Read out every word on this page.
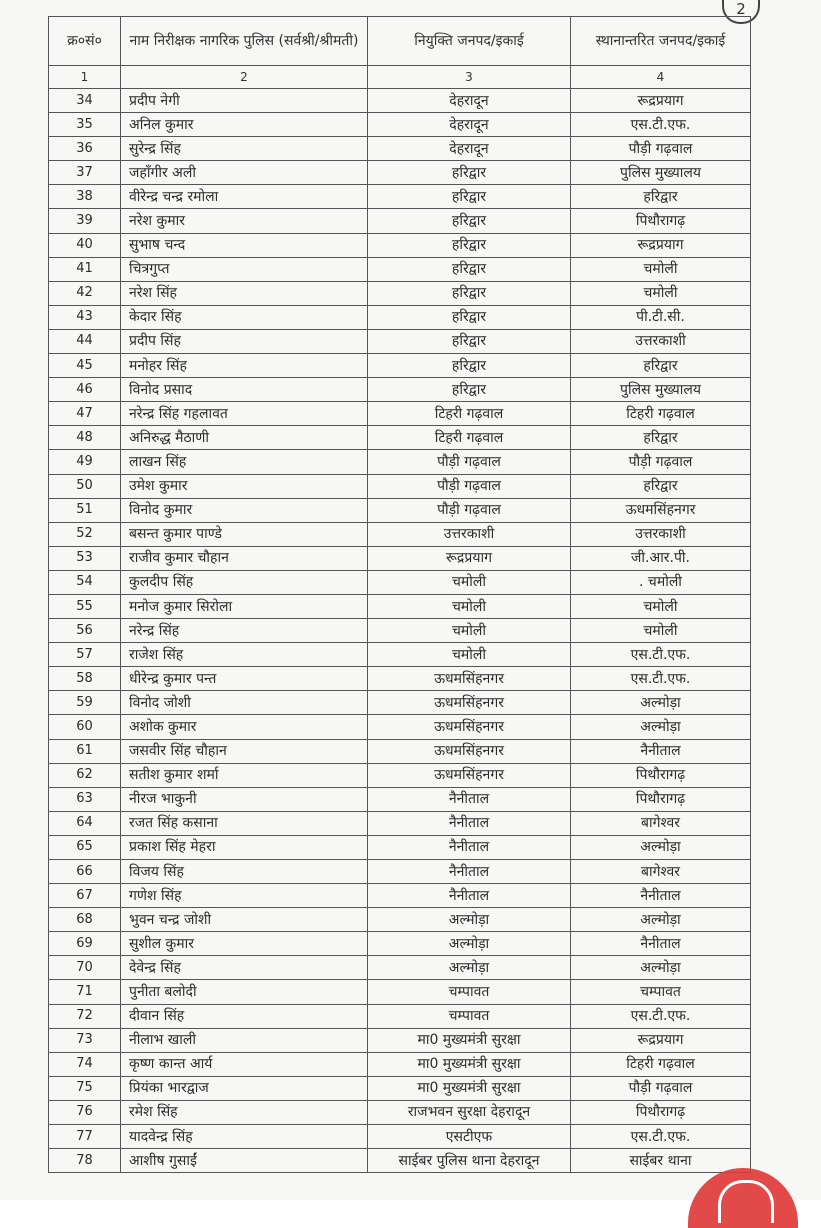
2
क्र०सं०	नाम निरीक्षक नागरिक पुलिस (सर्वश्री/श्रीमती)	नियुक्ति जनपद/इकाई	स्थानान्तरित जनपद/इकाई
1	2	3	4
34	प्रदीप नेगी	देहरादून	रूद्रप्रयाग
35	अनिल कुमार	देहरादून	एस.टी.एफ.
36	सुरेन्द्र सिंह	देहरादून	पौड़ी गढ़वाल
37	जहाँगीर अली	हरिद्वार	पुलिस मुख्यालय
38	वीरेन्द्र चन्द्र रमोला	हरिद्वार	हरिद्वार
39	नरेश कुमार	हरिद्वार	पिथौरागढ़
40	सुभाष चन्द	हरिद्वार	रूद्रप्रयाग
41	चित्रगुप्त	हरिद्वार	चमोली
42	नरेश सिंह	हरिद्वार	चमोली
43	केदार सिंह	हरिद्वार	पी.टी.सी.
44	प्रदीप सिंह	हरिद्वार	उत्तरकाशी
45	मनोहर सिंह	हरिद्वार	हरिद्वार
46	विनोद प्रसाद	हरिद्वार	पुलिस मुख्यालय
47	नरेन्द्र सिंह गहलावत	टिहरी गढ़वाल	टिहरी गढ़वाल
48	अनिरुद्ध मैठाणी	टिहरी गढ़वाल	हरिद्वार
49	लाखन सिंह	पौड़ी गढ़वाल	पौड़ी गढ़वाल
50	उमेश कुमार	पौड़ी गढ़वाल	हरिद्वार
51	विनोद कुमार	पौड़ी गढ़वाल	ऊधमसिंहनगर
52	बसन्त कुमार पाण्डे	उत्तरकाशी	उत्तरकाशी
53	राजीव कुमार चौहान	रूद्रप्रयाग	जी.आर.पी.
54	कुलदीप सिंह	चमोली	. चमोली
55	मनोज कुमार सिरोला	चमोली	चमोली
56	नरेन्द्र सिंह	चमोली	चमोली
57	राजेश सिंह	चमोली	एस.टी.एफ.
58	धीरेन्द्र कुमार पन्त	ऊधमसिंहनगर	एस.टी.एफ.
59	विनोद जोशी	ऊधमसिंहनगर	अल्मोड़ा
60	अशोक कुमार	ऊधमसिंहनगर	अल्मोड़ा
61	जसवीर सिंह चौहान	ऊधमसिंहनगर	नैनीताल
62	सतीश कुमार शर्मा	ऊधमसिंहनगर	पिथौरागढ़
63	नीरज भाकुनी	नैनीताल	पिथौरागढ़
64	रजत सिंह कसाना	नैनीताल	बागेश्वर
65	प्रकाश सिंह मेहरा	नैनीताल	अल्मोड़ा
66	विजय सिंह	नैनीताल	बागेश्वर
67	गणेश सिंह	नैनीताल	नैनीताल
68	भुवन चन्द्र जोशी	अल्मोड़ा	अल्मोड़ा
69	सुशील कुमार	अल्मोड़ा	नैनीताल
70	देवेन्द्र सिंह	अल्मोड़ा	अल्मोड़ा
71	पुनीता बलोदी	चम्पावत	चम्पावत
72	दीवान सिंह	चम्पावत	एस.टी.एफ.
73	नीलाभ खाली	मा0 मुख्यमंत्री सुरक्षा	रूद्रप्रयाग
74	कृष्ण कान्त आर्य	मा0 मुख्यमंत्री सुरक्षा	टिहरी गढ़वाल
75	प्रियंका भारद्वाज	मा0 मुख्यमंत्री सुरक्षा	पौड़ी गढ़वाल
76	रमेश सिंह	राजभवन सुरक्षा देहरादून	पिथौरागढ़
77	यादवेन्द्र सिंह	एसटीएफ	एस.टी.एफ.
78	आशीष गुसाईं	साईबर पुलिस थाना देहरादून	साईबर थाना
